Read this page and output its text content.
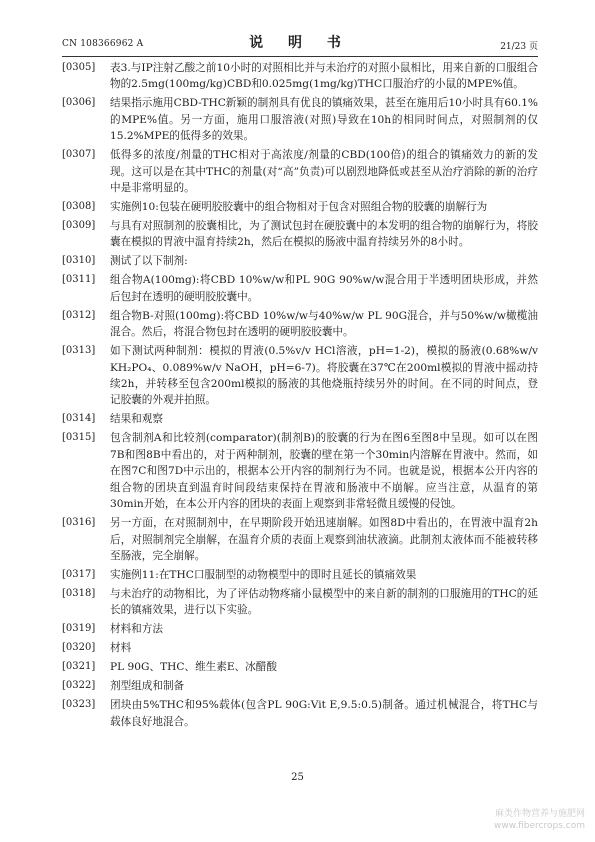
CN 108366962 A	说 明 书	21/23 页
[ 0305 ]	表3.与IP注射乙酸之前10小时的对照相比并与未治疗的对照小鼠相比，用来自新的口服组合物的2.5mg(100mg/kg)CBD和0.025mg(1mg/kg)THC口服治疗的小鼠的MPE%值。
[ 0306 ]	结果指示施用CBD-THC新颖的制剂具有优良的镇痛效果，甚至在施用后10小时具有60.1%的MPE%值。另一方面，施用口服溶液(对照)导致在10h的相同时间点，对照制剂的仅15.2%MPE的低得多的效果。
[ 0307 ]	低得多的浓度/剂量的THC相对于高浓度/剂量的CBD(100倍)的组合的镇痛效力的新的发现。这可以是在其中THC的剂量(对“高”负责)可以剧烈地降低或甚至从治疗消除的新的治疗中是非常明显的。
[ 0308 ]	实施例10:包装在硬明胶胶囊中的组合物相对于包含对照组合物的胶囊的崩解行为
[ 0309 ]	与具有对照制剂的胶囊相比，为了测试包封在硬胶囊中的本发明的组合物的崩解行为，将胶囊在模拟的胃液中温育持续2h，然后在模拟的肠液中温育持续另外的8小时。
[ 0310 ]	测试了以下制剂:
[ 0311 ]	组合物A(100mg):将CBD 10%w/w和PL 90G 90%w/w混合用于半透明团块形成，并然后包封在透明的硬明胶胶囊中。
[ 0312 ]	组合物B-对照(100mg):将CBD 10%w/w与40%w/w PL 90G混合，并与50%w/w橄榄油混合。然后，将混合物包封在透明的硬明胶胶囊中。
[ 0313 ]	如下测试两种制剂：模拟的胃液(0.5%v/v HCl溶液，pH=1-2)，模拟的肠液(0.68%w/v KH₂PO₄、0.089%w/v NaOH，pH=6-7)。将胶囊在37℃在200ml模拟的胃液中摇动持续2h，并转移至包含200ml模拟的肠液的其他烧瓶持续另外的时间。在不同的时间点，登记胶囊的外观并拍照。
[ 0314 ]	结果和观察
[ 0315 ]	包含制剂A和比较剂(comparator)(制剂B)的胶囊的行为在图6至图8中呈现。如可以在图7B和图8B中看出的，对于两种制剂，胶囊的壁在第一个30min内溶解在胃液中。然而，如在图7C和图7D中示出的，根据本公开内容的制剂行为不同。也就是说，根据本公开内容的组合物的团块直到温育时间段结束保持在胃液和肠液中不崩解。应当注意，从温育的第30min开始，在本公开内容的团块的表面上观察到非常轻微且缓慢的侵蚀。
[ 0316 ]	另一方面，在对照制剂中，在早期阶段开始迅速崩解。如图8D中看出的，在胃液中温育2h后，对照制剂完全崩解，在温育介质的表面上观察到油状液滴。此制剂太液体而不能被转移至肠液，完全崩解。
[ 0317 ]	实施例11:在THC口服制型的动物模型中的即时且延长的镇痛效果
[ 0318 ]	与未治疗的动物相比，为了评估动物疼痛小鼠模型中的来自新的制剂的口服施用的THC的延长的镇痛效果，进行以下实验。
[ 0319 ]	材料和方法
[ 0320 ]	材料
[ 0321 ]	PL 90G、THC、维生素E、冰醋酸
[ 0322 ]	剂型组成和制备
[ 0323 ]	团块由5%THC和95%载体(包含PL 90G:Vit E,9.5:0.5)制备。通过机械混合，将THC与载体良好地混合。
25
麻类作物营养与施肥网
www.fibercrops.com
